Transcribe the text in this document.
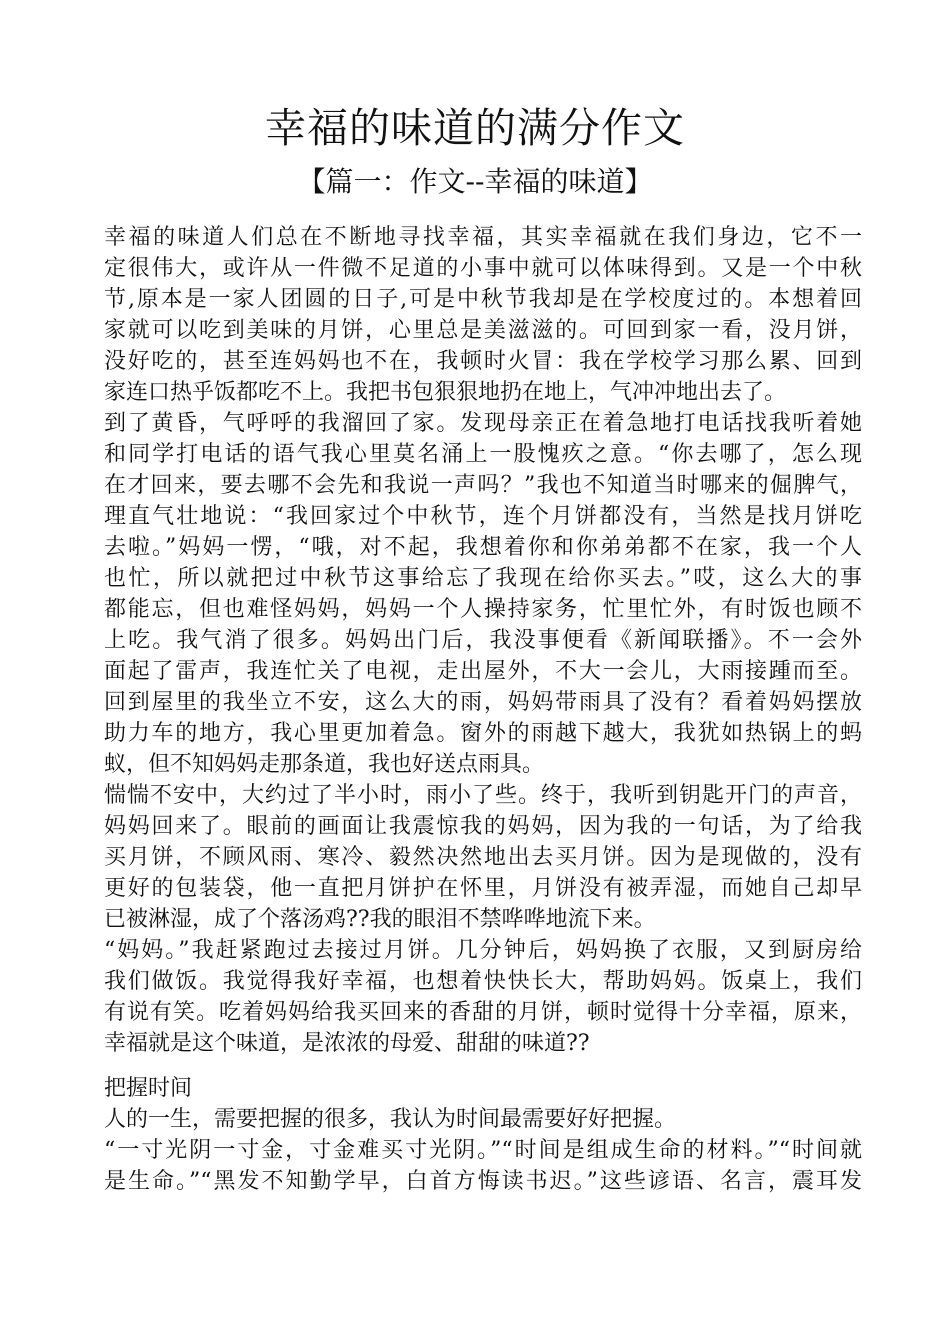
幸福的味道的满分作文
【篇一：作文--幸福的味道】
幸福的味道人们总在不断地寻找幸福，其实幸福就在我们身边，它不一
定很伟大，或许从一件微不足道的小事中就可以体味得到。又是一个中秋
节,原本是一家人团圆的日子,可是中秋节我却是在学校度过的。本想着回
家就可以吃到美味的月饼，心里总是美滋滋的。可回到家一看，没月饼，
没好吃的，甚至连妈妈也不在，我顿时火冒：我在学校学习那么累、回到
家连口热乎饭都吃不上。我把书包狠狠地扔在地上，气冲冲地出去了。
到了黄昏，气呼呼的我溜回了家。发现母亲正在着急地打电话找我听着她
和同学打电话的语气我心里莫名涌上一股愧疚之意。“你去哪了，怎么现
在才回来，要去哪不会先和我说一声吗？”我也不知道当时哪来的倔脾气，
理直气壮地说：“我回家过个中秋节，连个月饼都没有，当然是找月饼吃
去啦。”妈妈一愣，“哦，对不起，我想着你和你弟弟都不在家，我一个人
也忙，所以就把过中秋节这事给忘了我现在给你买去。”哎，这么大的事
都能忘，但也难怪妈妈，妈妈一个人操持家务，忙里忙外，有时饭也顾不
上吃。我气消了很多。妈妈出门后，我没事便看《新闻联播》。不一会外
面起了雷声，我连忙关了电视，走出屋外，不大一会儿，大雨接踵而至。
回到屋里的我坐立不安，这么大的雨，妈妈带雨具了没有？看着妈妈摆放
助力车的地方，我心里更加着急。窗外的雨越下越大，我犹如热锅上的蚂
蚁，但不知妈妈走那条道，我也好送点雨具。
惴惴不安中，大约过了半小时，雨小了些。终于，我听到钥匙开门的声音，
妈妈回来了。眼前的画面让我震惊我的妈妈，因为我的一句话，为了给我
买月饼，不顾风雨、寒冷、毅然决然地出去买月饼。因为是现做的，没有
更好的包装袋，他一直把月饼护在怀里，月饼没有被弄湿，而她自己却早
已被淋湿，成了个落汤鸡??我的眼泪不禁哗哗地流下来。
“妈妈。”我赶紧跑过去接过月饼。几分钟后，妈妈换了衣服，又到厨房给
我们做饭。我觉得我好幸福，也想着快快长大，帮助妈妈。饭桌上，我们
有说有笑。吃着妈妈给我买回来的香甜的月饼，顿时觉得十分幸福，原来，
幸福就是这个味道，是浓浓的母爱、甜甜的味道??
把握时间
人的一生，需要把握的很多，我认为时间最需要好好把握。
“一寸光阴一寸金，寸金难买寸光阴。”“时间是组成生命的材料。”“时间就
是生命。”“黑发不知勤学早，白首方悔读书迟。”这些谚语、名言，震耳发
